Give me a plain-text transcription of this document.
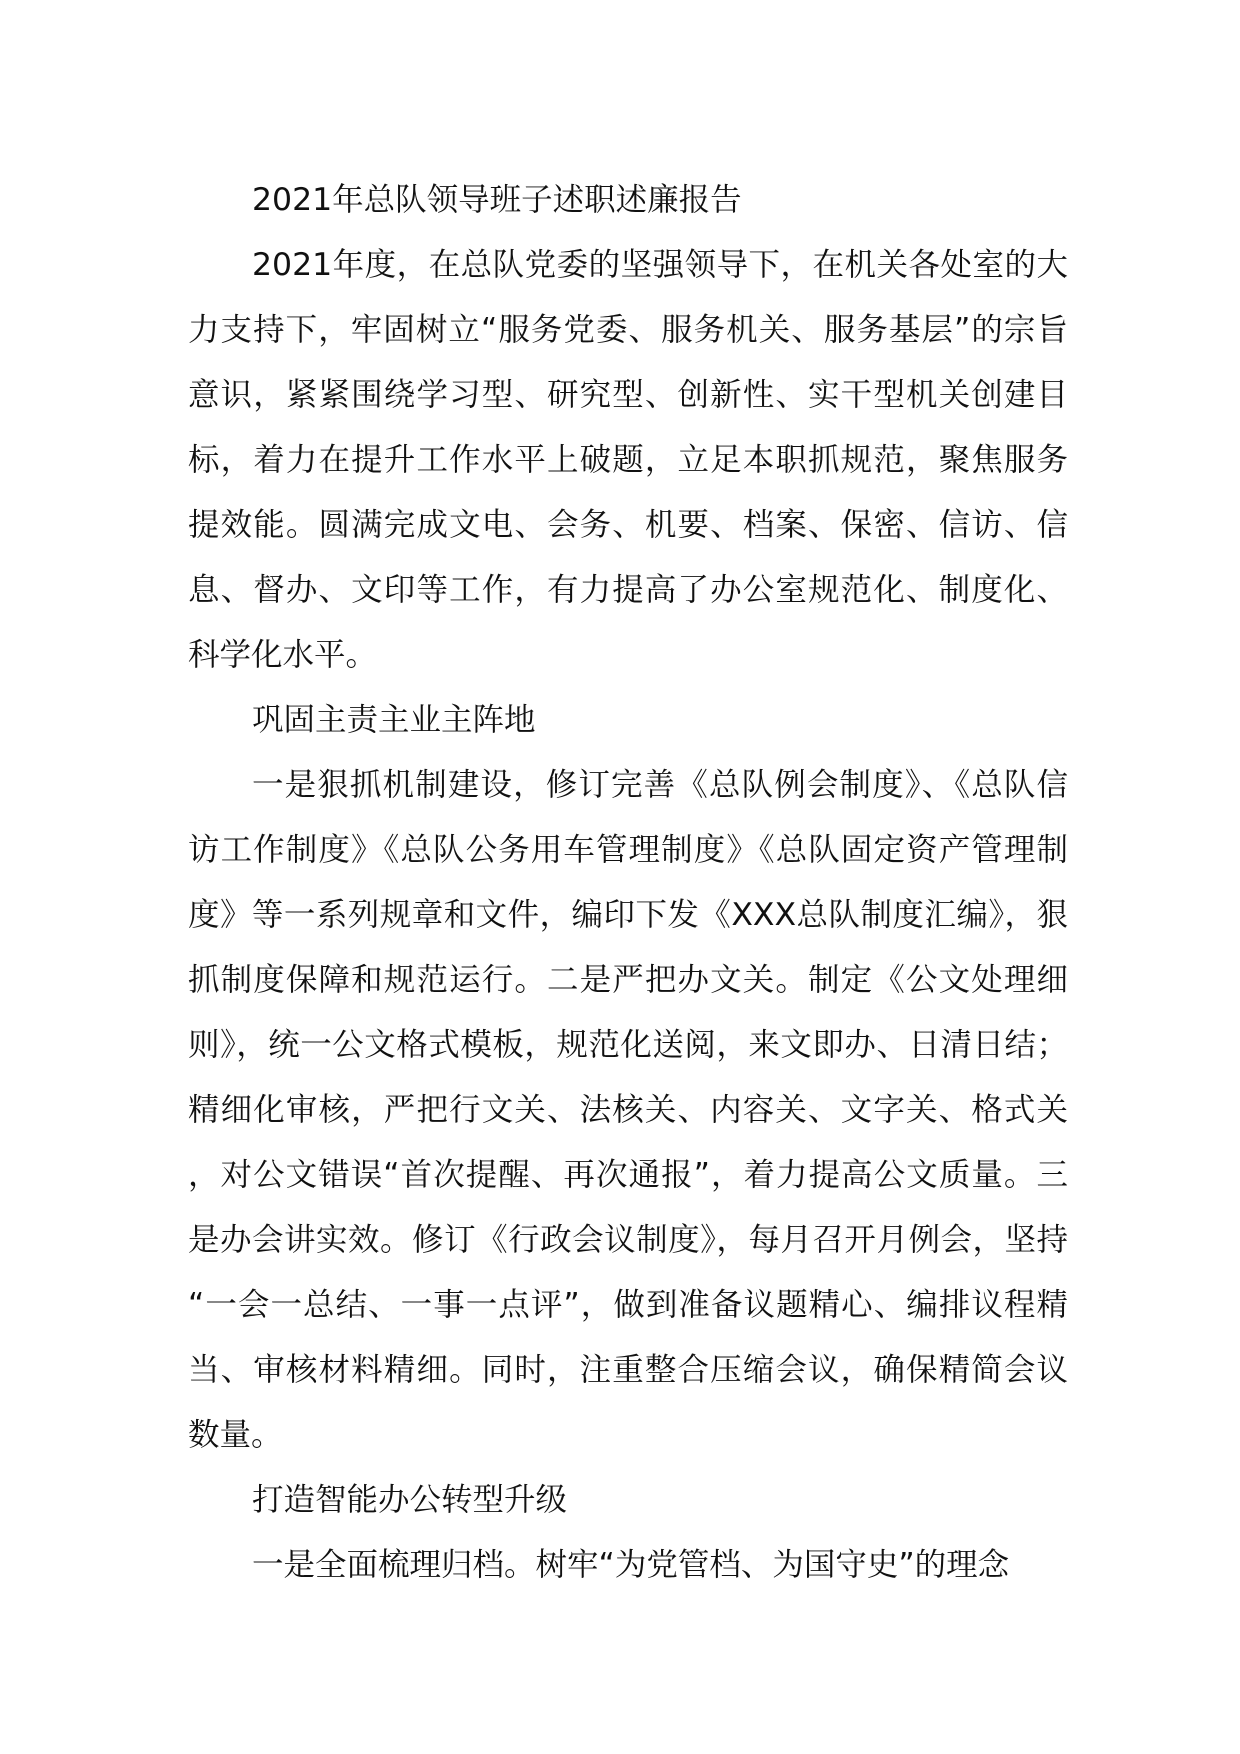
2021年总队领导班子述职述廉报告

2021年度，在总队党委的坚强领导下，在机关各处室的大力支持下，牢固树立“服务党委、服务机关、服务基层”的宗旨意识，紧紧围绕学习型、研究型、创新性、实干型机关创建目标，着力在提升工作水平上破题，立足本职抓规范，聚焦服务提效能。圆满完成文电、会务、机要、档案、保密、信访、信息、督办、文印等工作，有力提高了办公室规范化、制度化、科学化水平。

巩固主责主业主阵地

一是狠抓机制建设，修订完善《总队例会制度》、《总队信访工作制度》《总队公务用车管理制度》《总队固定资产管理制度》等一系列规章和文件，编印下发《XXX总队制度汇编》，狠抓制度保障和规范运行。二是严把办文关。制定《公文处理细则》，统一公文格式模板，规范化送阅，来文即办、日清日结；精细化审核，严把行文关、法核关、内容关、文字关、格式关，对公文错误“首次提醒、再次通报”，着力提高公文质量。三是办会讲实效。修订《行政会议制度》，每月召开月例会，坚持“一会一总结、一事一点评”，做到准备议题精心、编排议程精当、审核材料精细。同时，注重整合压缩会议，确保精简会议数量。

打造智能办公转型升级

一是全面梳理归档。树牢“为党管档、为国守史”的理念
